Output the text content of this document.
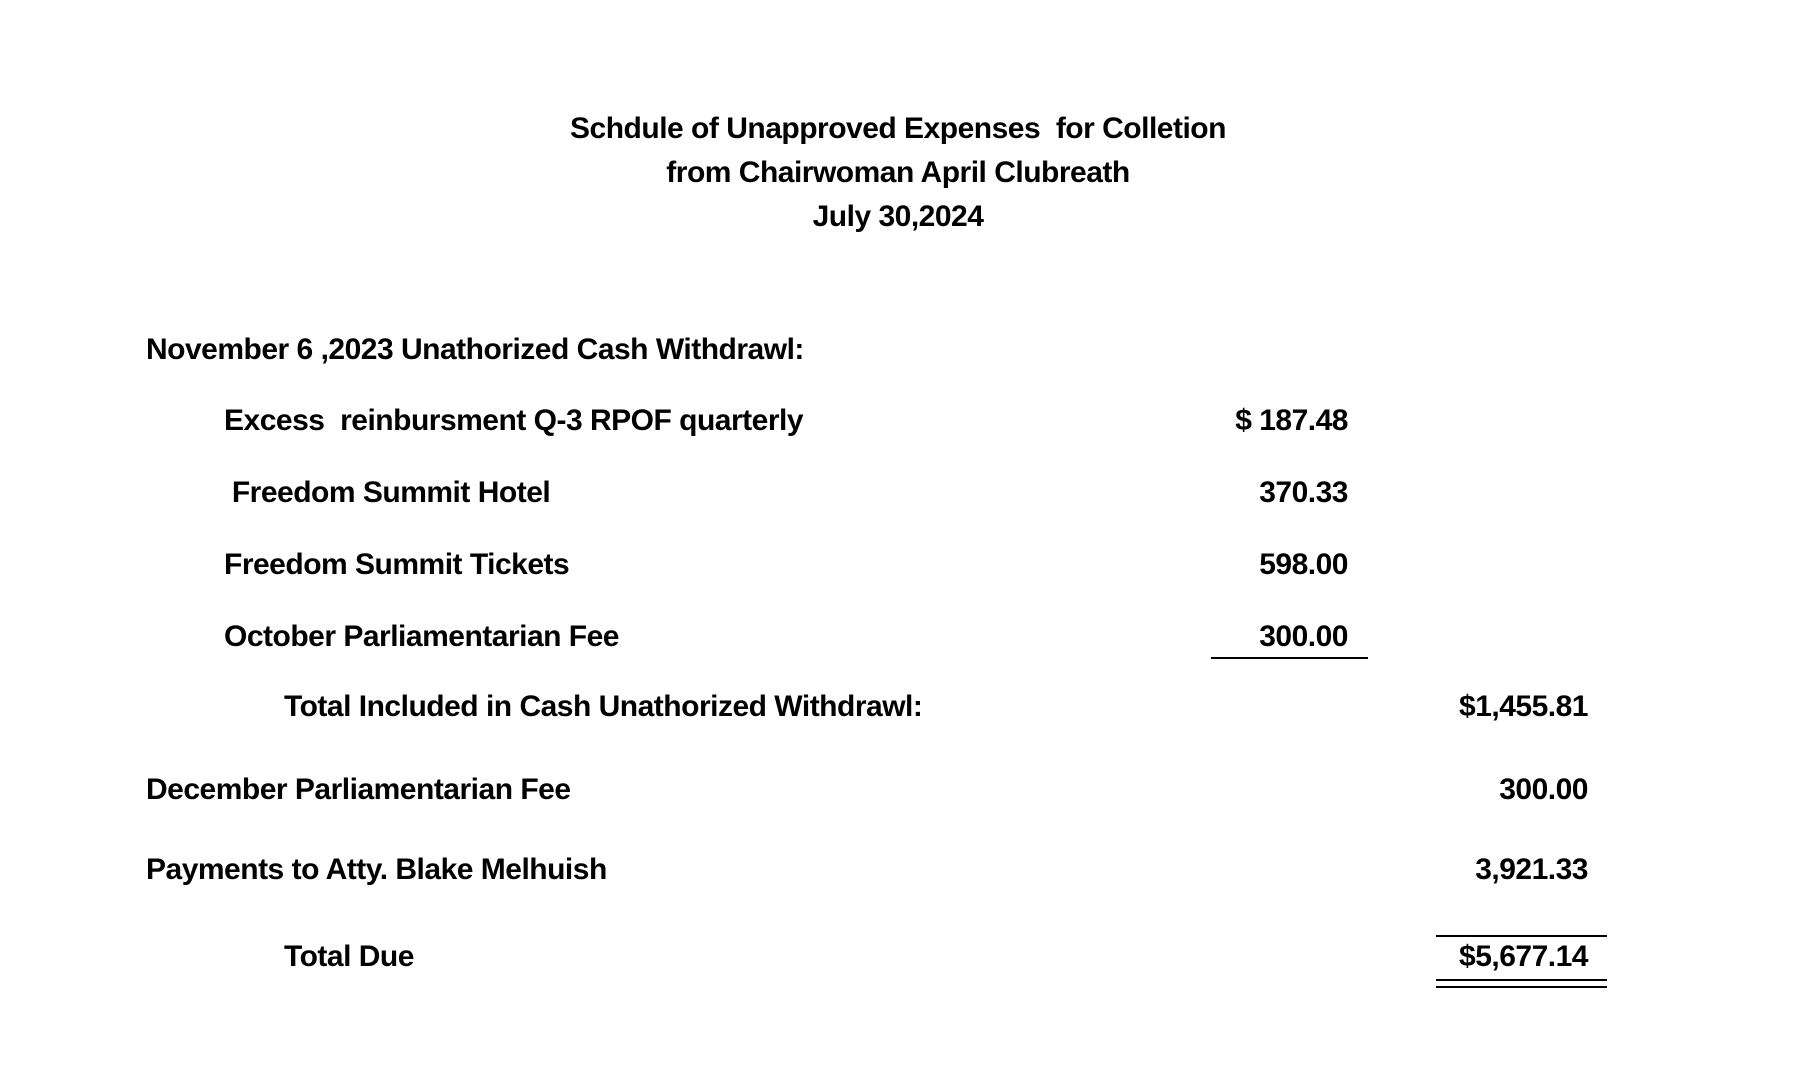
Schdule of Unapproved Expenses  for Colletion
from Chairwoman April Clubreath
July 30,2024
November 6 ,2023 Unathorized Cash Withdrawl:
Excess  reinbursment Q-3 RPOF quarterly	$ 187.48
Freedom Summit Hotel	370.33
Freedom Summit Tickets	598.00
October Parliamentarian Fee	300.00
Total Included in Cash Unathorized Withdrawl:	$1,455.81
December Parliamentarian Fee	300.00
Payments to Atty. Blake Melhuish	3,921.33
Total Due	$5,677.14
